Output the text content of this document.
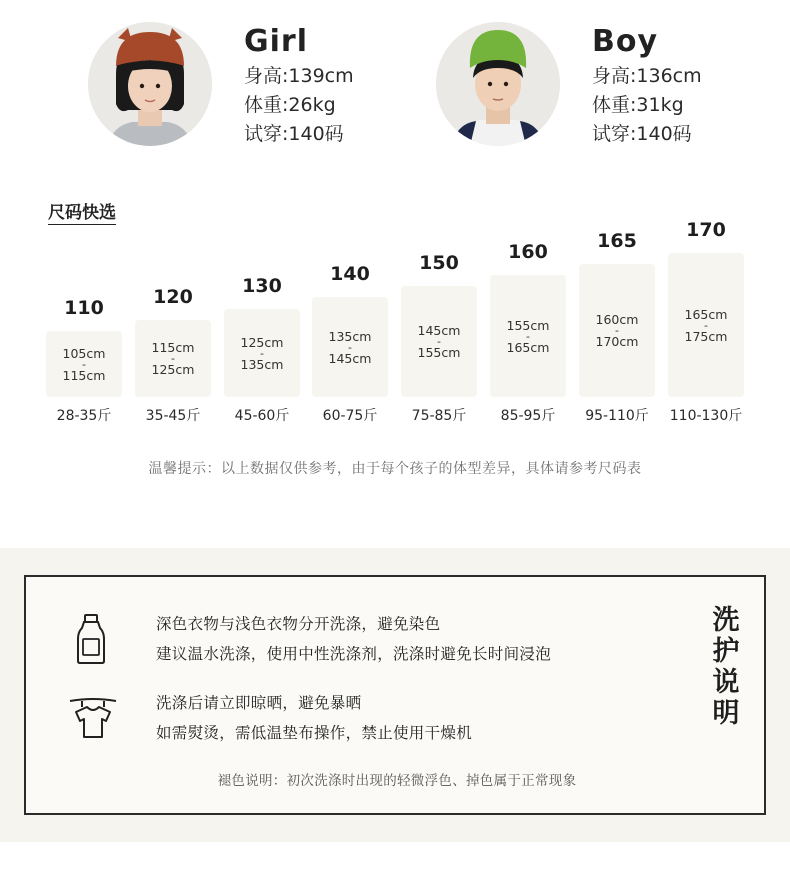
Girl
身高:139cm
体重:26kg
试穿:140码
Boy
身高:136cm
体重:31kg
试穿:140码
尺码快选
110
105cm
-
115cm
28-35斤
120
115cm
-
125cm
35-45斤
130
125cm
-
135cm
45-60斤
140
135cm
-
145cm
60-75斤
150
145cm
-
155cm
75-85斤
160
155cm
-
165cm
85-95斤
165
160cm
-
170cm
95-110斤
170
165cm
-
175cm
110-130斤
温馨提示：以上数据仅供参考，由于每个孩子的体型差异，具体请参考尺码表
深色衣物与浅色衣物分开洗涤，避免染色
建议温水洗涤，使用中性洗涤剂，洗涤时避免长时间浸泡
洗涤后请立即晾晒，避免暴晒
如需熨烫，需低温垫布操作，禁止使用干燥机
洗
护
说
明
褪色说明：初次洗涤时出现的轻微浮色、掉色属于正常现象
